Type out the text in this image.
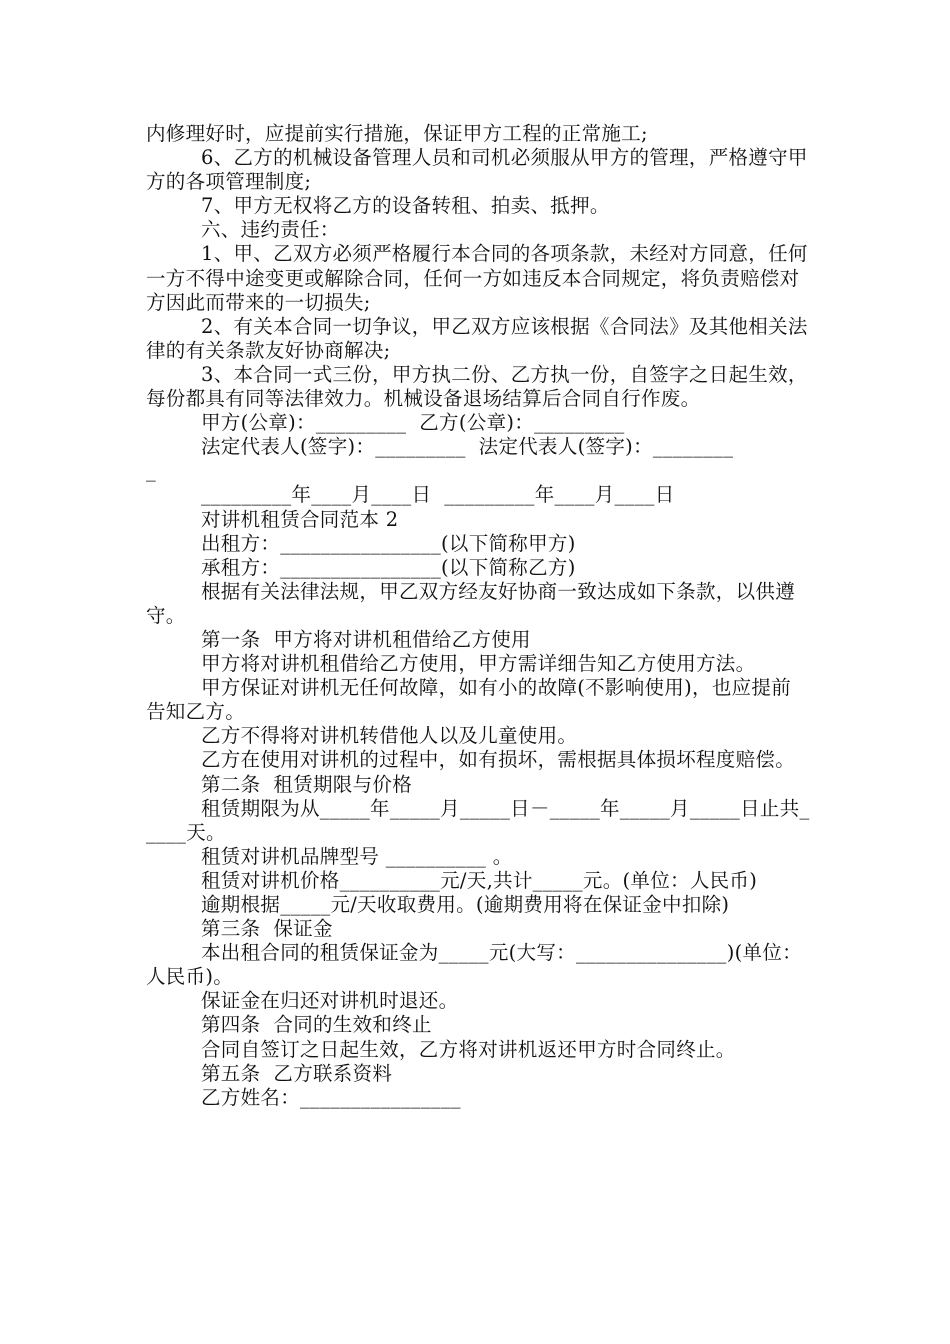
内修理好时，应提前实行措施，保证甲方工程的正常施工;

6、乙方的机械设备管理人员和司机必须服从甲方的管理，严格遵守甲方的各项管理制度;

7、甲方无权将乙方的设备转租、拍卖、抵押。

六、违约责任：

1、甲、乙双方必须严格履行本合同的各项条款，未经对方同意，任何一方不得中途变更或解除合同，任何一方如违反本合同规定，将负责赔偿对方因此而带来的一切损失;

2、有关本合同一切争议，甲乙双方应该根据《合同法》及其他相关法律的有关条款友好协商解决;

3、本合同一式三份，甲方执二份、乙方执一份，自签字之日起生效，每份都具有同等法律效力。机械设备退场结算后合同自行作废。

甲方(公章)：_________  乙方(公章)：_________

法定代表人(签字)：_________  法定代表人(签字)：________

_

_________年____月____日  _________年____月____日

对讲机租赁合同范本 2

出租方：________________(以下简称甲方)

承租方：________________(以下简称乙方)

根据有关法律法规，甲乙双方经友好协商一致达成如下条款，以供遵守。

第一条  甲方将对讲机租借给乙方使用

甲方将对讲机租借给乙方使用，甲方需详细告知乙方使用方法。

甲方保证对讲机无任何故障，如有小的故障(不影响使用)，也应提前告知乙方。

乙方不得将对讲机转借他人以及儿童使用。

乙方在使用对讲机的过程中，如有损坏，需根据具体损坏程度赔偿。

第二条  租赁期限与价格

租赁期限为从_____年_____月_____日－_____年_____月_____日止共_____天。

租赁对讲机品牌型号 __________ 。

租赁对讲机价格__________元/天,共计_____元。(单位：人民币)

逾期根据_____元/天收取费用。(逾期费用将在保证金中扣除)

第三条  保证金

本出租合同的租赁保证金为_____元(大写：_______________)(单位：人民币)。

保证金在归还对讲机时退还。

第四条  合同的生效和终止

合同自签订之日起生效，乙方将对讲机返还甲方时合同终止。

第五条  乙方联系资料

乙方姓名：________________
